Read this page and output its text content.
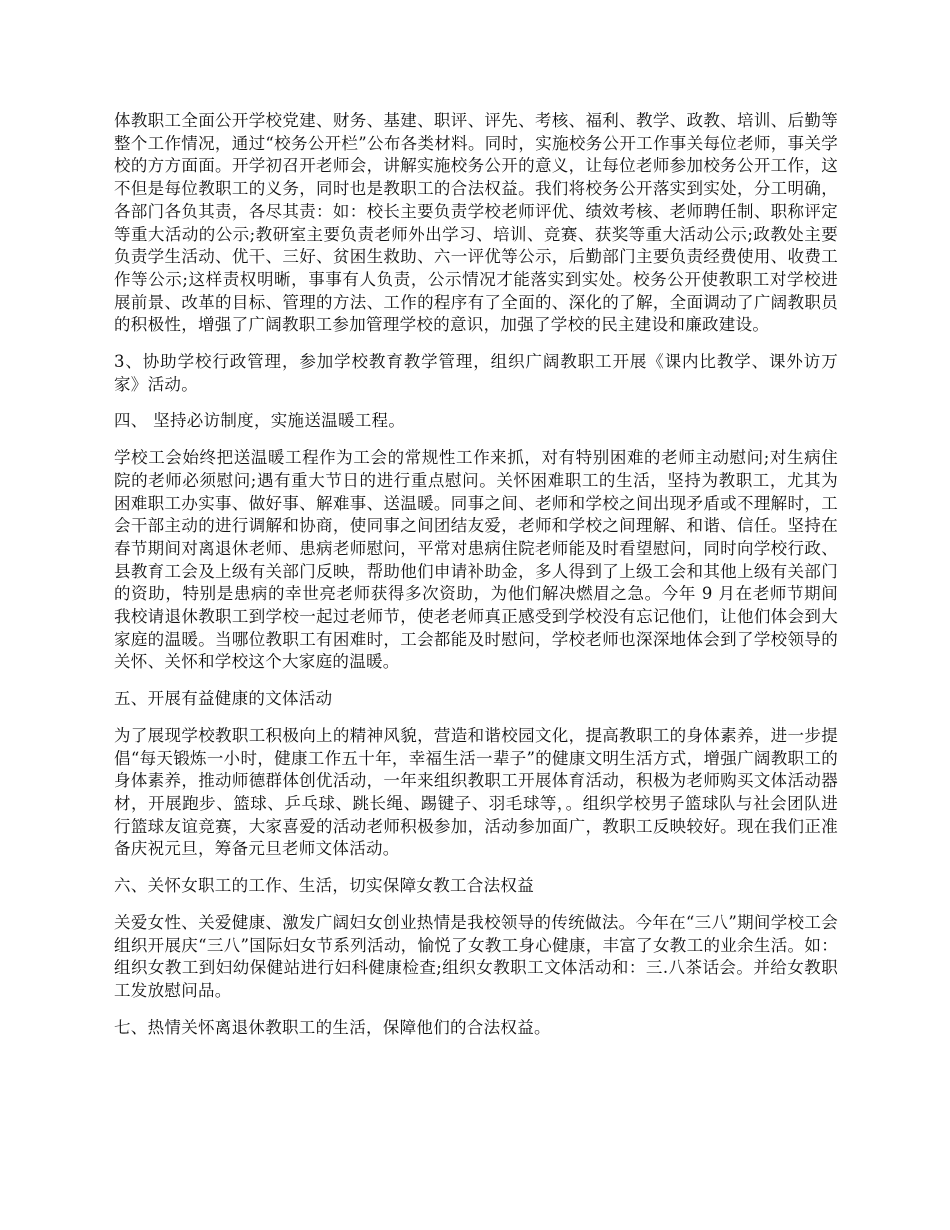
体教职工全面公开学校党建、财务、基建、职评、评先、考核、福利、教学、政教、培训、后勤等整个工作情况，通过“校务公开栏”公布各类材料。同时，实施校务公开工作事关每位老师，事关学校的方方面面。开学初召开老师会，讲解实施校务公开的意义，让每位老师参加校务公开工作，这不但是每位教职工的义务，同时也是教职工的合法权益。我们将校务公开落实到实处，分工明确，各部门各负其责，各尽其责：如：校长主要负责学校老师评优、绩效考核、老师聘任制、职称评定等重大活动的公示;教研室主要负责老师外出学习、培训、竞赛、获奖等重大活动公示;政教处主要负责学生活动、优干、三好、贫困生救助、六一评优等公示，后勤部门主要负责经费使用、收费工作等公示;这样责权明晰，事事有人负责，公示情况才能落实到实处。校务公开使教职工对学校进展前景、改革的目标、管理的方法、工作的程序有了全面的、深化的了解，全面调动了广阔教职员的积极性，增强了广阔教职工参加管理学校的意识，加强了学校的民主建设和廉政建设。

3、协助学校行政管理，参加学校教育教学管理，组织广阔教职工开展《课内比教学、课外访万家》活动。

四、 坚持必访制度，实施送温暖工程。

学校工会始终把送温暖工程作为工会的常规性工作来抓，对有特别困难的老师主动慰问;对生病住院的老师必须慰问;遇有重大节日的进行重点慰问。关怀困难职工的生活，坚持为教职工，尤其为困难职工办实事、做好事、解难事、送温暖。同事之间、老师和学校之间出现矛盾或不理解时，工会干部主动的进行调解和协商，使同事之间团结友爱，老师和学校之间理解、和谐、信任。坚持在春节期间对离退休老师、患病老师慰问，平常对患病住院老师能及时看望慰问，同时向学校行政、县教育工会及上级有关部门反映，帮助他们申请补助金，多人得到了上级工会和其他上级有关部门的资助，特别是患病的幸世亮老师获得多次资助，为他们解决燃眉之急。今年 9 月在老师节期间我校请退休教职工到学校一起过老师节，使老老师真正感受到学校没有忘记他们，让他们体会到大家庭的温暖。当哪位教职工有困难时，工会都能及时慰问，学校老师也深深地体会到了学校领导的关怀、关怀和学校这个大家庭的温暖。

五、开展有益健康的文体活动

为了展现学校教职工积极向上的精神风貌，营造和谐校园文化，提高教职工的身体素养，进一步提倡“每天锻炼一小时，健康工作五十年，幸福生活一辈子”的健康文明生活方式，增强广阔教职工的身体素养，推动师德群体创优活动，一年来组织教职工开展体育活动，积极为老师购买文体活动器材，开展跑步、篮球、乒乓球、跳长绳、踢键子、羽毛球等，。组织学校男子篮球队与社会团队进行篮球友谊竞赛，大家喜爱的活动老师积极参加，活动参加面广，教职工反映较好。现在我们正准备庆祝元旦，筹备元旦老师文体活动。

六、关怀女职工的工作、生活，切实保障女教工合法权益

关爱女性、关爱健康、激发广阔妇女创业热情是我校领导的传统做法。今年在“三八”期间学校工会组织开展庆“三八”国际妇女节系列活动，愉悦了女教工身心健康，丰富了女教工的业余生活。如：组织女教工到妇幼保健站进行妇科健康检查;组织女教职工文体活动和：三.八茶话会。并给女教职工发放慰问品。

七、热情关怀离退休教职工的生活，保障他们的合法权益。
